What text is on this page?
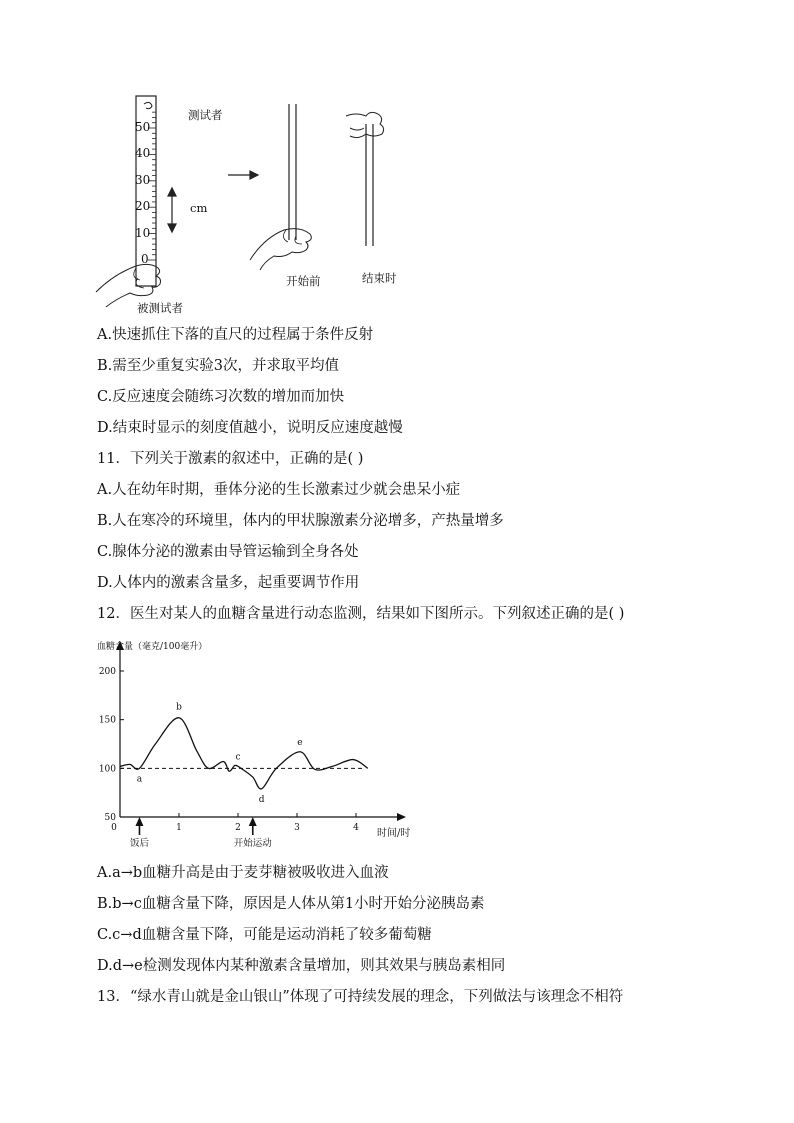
测试者
cm
被测试者
开始前	结束时
50
40
30
20
10
0
A.快速抓住下落的直尺的过程属于条件反射
B.需至少重复实验3次，并求取平均值
C.反应速度会随练习次数的增加而加快
D.结束时显示的刻度值越小，说明反应速度越慢
11．下列关于激素的叙述中，正确的是( )
A.人在幼年时期，垂体分泌的生长激素过少就会患呆小症
B.人在寒冷的环境里，体内的甲状腺激素分泌增多，产热量增多
C.腺体分泌的激素由导管运输到全身各处
D.人体内的激素含量多，起重要调节作用
12．医生对某人的血糖含量进行动态监测，结果如下图所示。下列叙述正确的是( )
50
100
150
200
0	1	2	3	4
血糖含量（毫克/100毫升）
时间/时
a
b
c
d
e
饭后	开始运动
A.a→b血糖升高是由于麦芽糖被吸收进入血液
B.b→c血糖含量下降，原因是人体从第1小时开始分泌胰岛素
C.c→d血糖含量下降，可能是运动消耗了较多葡萄糖
D.d→e检测发现体内某种激素含量增加，则其效果与胰岛素相同
13．“绿水青山就是金山银山”体现了可持续发展的理念，下列做法与该理念不相符
